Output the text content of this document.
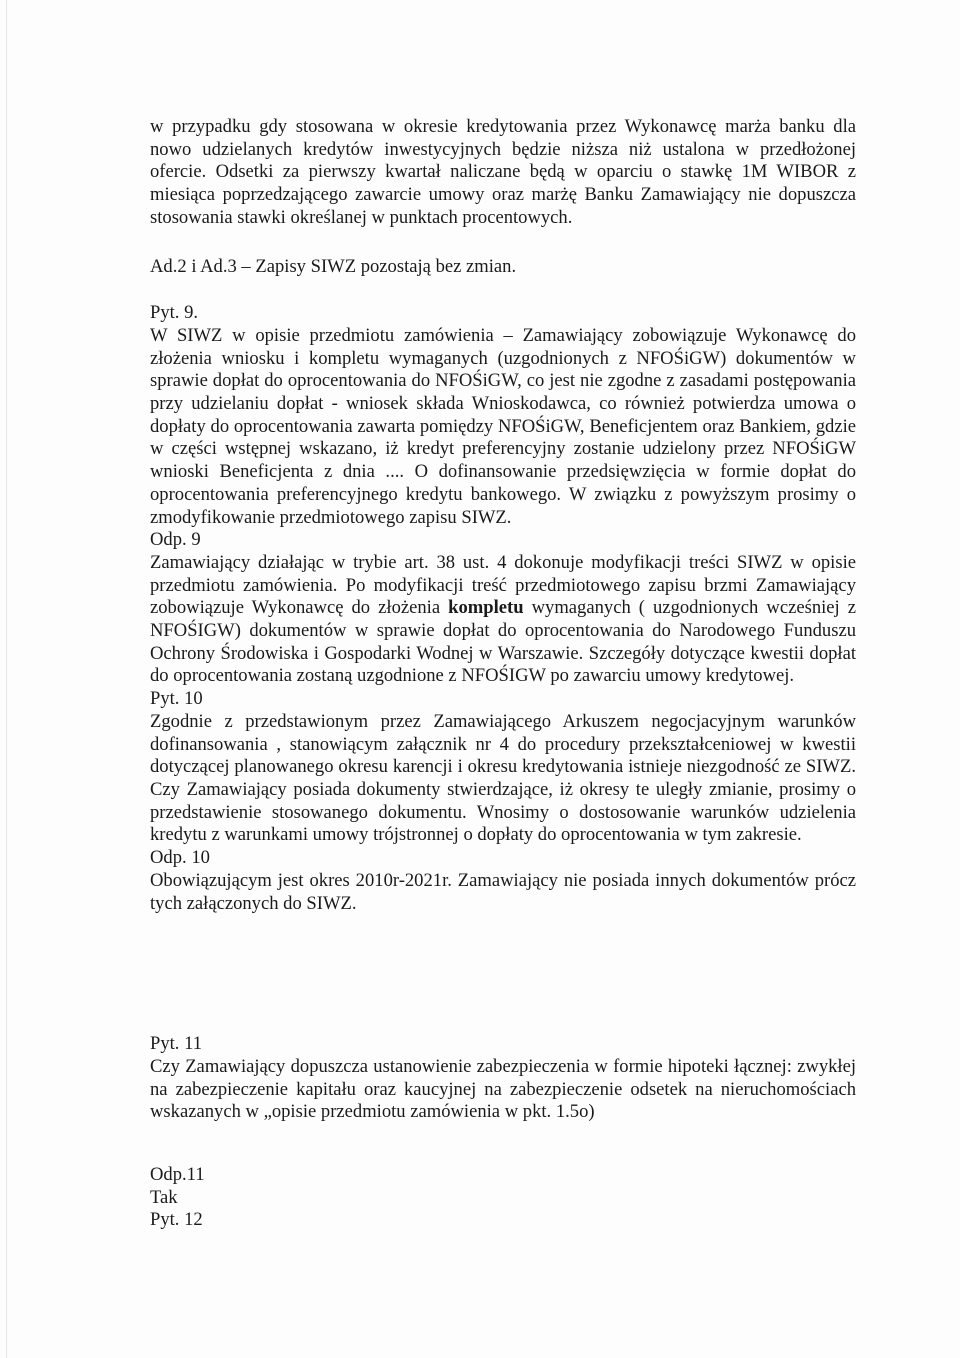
w przypadku gdy stosowana w okresie kredytowania przez Wykonawcę marża banku dla nowo udzielanych kredytów inwestycyjnych będzie niższa niż ustalona w przedłożonej ofercie. Odsetki za pierwszy kwartał naliczane będą w oparciu o stawkę 1M WIBOR z miesiąca poprzedzającego zawarcie umowy oraz marżę Banku Zamawiający nie dopuszcza stosowania stawki określanej w punktach procentowych.

Ad.2 i Ad.3 – Zapisy SIWZ pozostają bez zmian.

Pyt. 9.

W SIWZ w opisie przedmiotu zamówienia – Zamawiający zobowiązuje Wykonawcę do złożenia wniosku i kompletu wymaganych (uzgodnionych z NFOŚiGW) dokumentów w sprawie dopłat do oprocentowania do NFOŚiGW, co jest nie zgodne z zasadami postępowania przy udzielaniu dopłat - wniosek składa Wnioskodawca, co również potwierdza umowa o dopłaty do oprocentowania zawarta pomiędzy NFOŚiGW, Beneficjentem oraz Bankiem, gdzie w części wstępnej wskazano, iż kredyt preferencyjny zostanie udzielony przez NFOŚiGW wnioski Beneficjenta z dnia .... O dofinansowanie przedsięwzięcia w formie dopłat do oprocentowania preferencyjnego kredytu bankowego. W związku z powyższym prosimy o zmodyfikowanie przedmiotowego zapisu SIWZ.

Odp. 9

Zamawiający działając w trybie art. 38 ust. 4 dokonuje modyfikacji treści SIWZ w opisie przedmiotu zamówienia. Po modyfikacji treść przedmiotowego zapisu brzmi Zamawiający zobowiązuje Wykonawcę do złożenia kompletu wymaganych ( uzgodnionych wcześniej z NFOŚIGW) dokumentów w sprawie dopłat do oprocentowania do Narodowego Funduszu Ochrony Środowiska i Gospodarki Wodnej w Warszawie. Szczegóły dotyczące kwestii dopłat do oprocentowania zostaną uzgodnione z NFOŚIGW po zawarciu umowy kredytowej.

Pyt. 10

Zgodnie z przedstawionym przez Zamawiającego Arkuszem negocjacyjnym warunków dofinansowania , stanowiącym załącznik nr 4 do procedury przekształceniowej w kwestii dotyczącej planowanego okresu karencji i okresu kredytowania istnieje niezgodność ze SIWZ. Czy Zamawiający posiada dokumenty stwierdzające, iż okresy te uległy zmianie, prosimy o przedstawienie stosowanego dokumentu. Wnosimy o dostosowanie warunków udzielenia kredytu z warunkami umowy trójstronnej o dopłaty do oprocentowania w tym zakresie.

Odp. 10

Obowiązującym jest okres 2010r-2021r. Zamawiający nie posiada innych dokumentów prócz tych załączonych do SIWZ.

Pyt. 11

Czy Zamawiający dopuszcza ustanowienie zabezpieczenia w formie hipoteki łącznej: zwykłej na zabezpieczenie kapitału oraz kaucyjnej na zabezpieczenie odsetek na nieruchomościach wskazanych w „opisie przedmiotu zamówienia w pkt. 1.5o)

Odp.11

Tak

Pyt. 12
